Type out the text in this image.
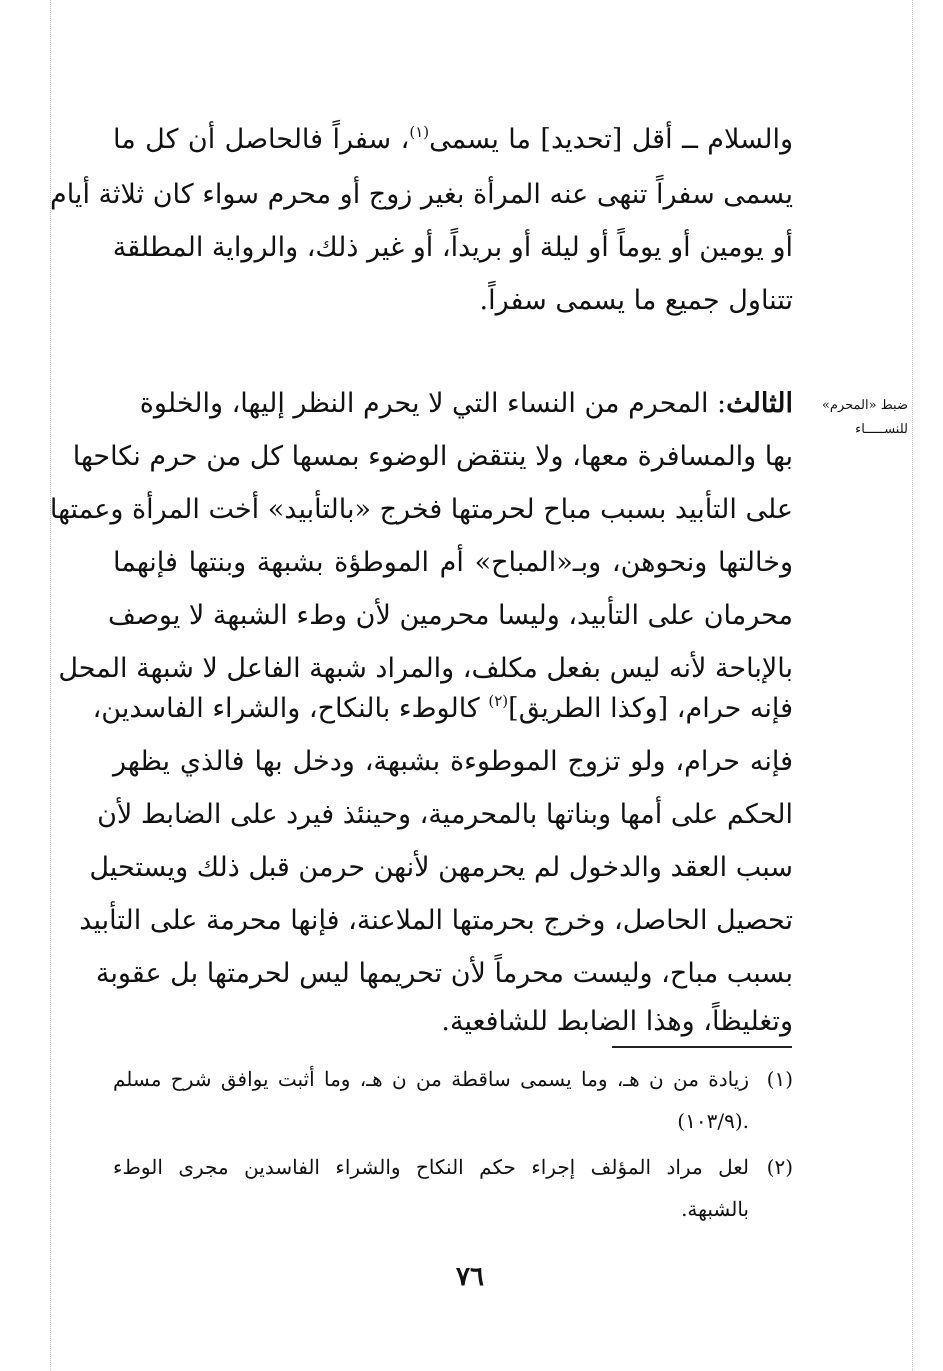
والسلام ــ أقل [تحديد] ما يسمى$^{(١)}$، سفراً فالحاصل أن كل ما
يسمى سفراً تنهى عنه المرأة بغير زوج أو محرم سواء كان ثلاثة أيام
أو يومين أو يوماً أو ليلة أو بريداً، أو غير ذلك، والرواية المطلقة
تتناول جميع ما يسمى سفراً.
ضبط «المحرم»
للنســـــاء
الثالث: المحرم من النساء التي لا يحرم النظر إليها، والخلوة
بها والمسافرة معها، ولا ينتقض الوضوء بمسها كل من حرم نكاحها
على التأبيد بسبب مباح لحرمتها فخرج «بالتأبيد» أخت المرأة وعمتها
وخالتها ونحوهن، وبـ«المباح» أم الموطؤة بشبهة وبنتها فإنهما
محرمان على التأبيد، وليسا محرمين لأن وطء الشبهة لا يوصف
بالإباحة لأنه ليس بفعل مكلف، والمراد شبهة الفاعل لا شبهة المحل
فإنه حرام، [وكذا الطريق]$^{(٢)}$ كالوطء بالنكاح، والشراء الفاسدين،
فإنه حرام، ولو تزوج الموطوءة بشبهة، ودخل بها فالذي يظهر
الحكم على أمها وبناتها بالمحرمية، وحينئذ فيرد على الضابط لأن
سبب العقد والدخول لم يحرمهن لأنهن حرمن قبل ذلك ويستحيل
تحصيل الحاصل، وخرج بحرمتها الملاعنة، فإنها محرمة على التأبيد
بسبب مباح، وليست محرماً لأن تحريمها ليس لحرمتها بل عقوبة
وتغليظاً، وهذا الضابط للشافعية.
(١)زيادة من ن هـ، وما يسمى ساقطة من ن هـ، وما أثبت يوافق شرح مسلم
.(١٠٣/٩)
(٢)لعل مراد المؤلف إجراء حكم النكاح والشراء الفاسدين مجرى الوطء
بالشبهة.
٧٦
